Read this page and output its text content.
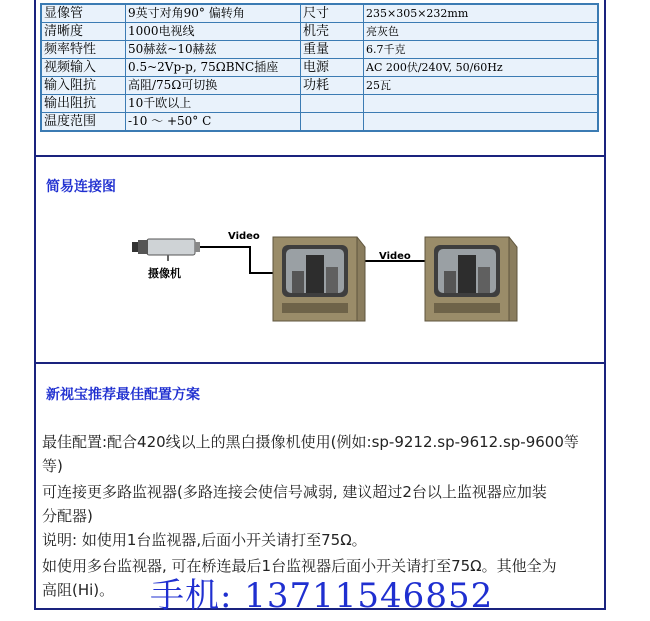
显像管	9英寸对角90° 偏转角	尺寸	235×305×232mm
清晰度	1000电视线	机壳	亮灰色
频率特性	50赫兹~10赫兹	重量	6.7千克
视频输入	0.5~2Vp-p, 75ΩBNC插座	电源	AC 200伏/240V, 50/60Hz
输入阻抗	高阻/75Ω可切换	功耗	25瓦
输出阻抗	10千欧以上		
温度范围	-10 ～ +50° C		
简易连接图
Video
Video
摄像机
新视宝推荐最佳配置方案
最佳配置:配合420线以上的黑白摄像机使用(例如:sp-9212.sp-9612.sp-9600等
等)
可连接更多路监视器(多路连接会使信号减弱, 建议超过2台以上监视器应加装
分配器)
说明: 如使用1台监视器,后面小开关请打至75Ω。
如使用多台监视器, 可在桥连最后1台监视器后面小开关请打至75Ω。其他全为
高阻(Hi)。 手机: 13711546852
